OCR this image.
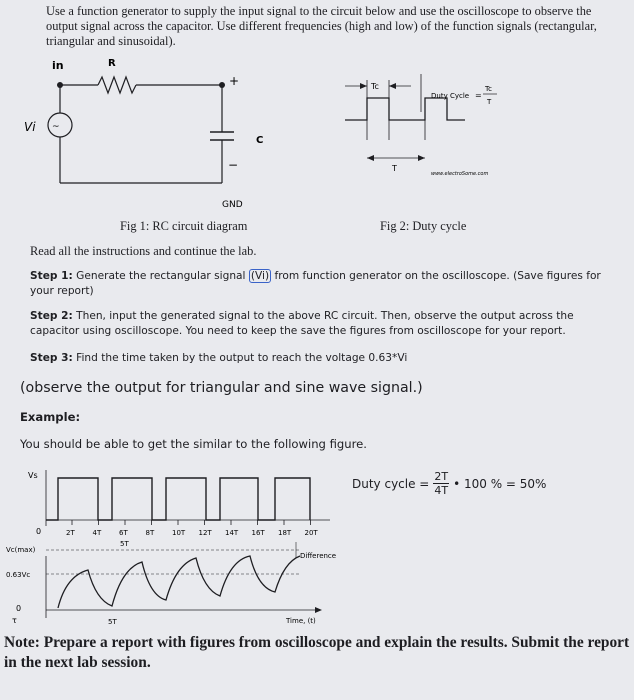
Use a function generator to supply the input signal to the circuit below and use the oscilloscope to observe the output signal across the capacitor. Use different frequencies (high and low) of the function signals (rectangular, triangular and sinusoidal).
in	R
+
−
C
~
Vi
GND
Fig 1: RC circuit diagram
Tc
T
Duty Cycle =
Tc
T
www.electroSome.com
Fig 2: Duty cycle
Read all the instructions and continue the lab.
Step 1: Generate the rectangular signal (Vi) from function generator on the oscilloscope. (Save figures for your report)
Step 2: Then, input the generated signal to the above RC circuit. Then, observe the output across the capacitor using oscilloscope. You need to keep the save the figures from oscilloscope for your report.
Step 3: Find the time taken by the output to reach the voltage 0.63*Vi
(observe the output for triangular and sine wave signal.)
Example:
You should be able to get the similar to the following figure.
Vs
0	2T	4T	6T	8T	10T 12T 14T 16T 18T 20T
5T
Vc(max)
Difference
0.63Vc
0
τ	5T	Time, (t)
Duty cycle = $\frac{2T}{4T}$ • 100 % = 50%
Note: Prepare a report with figures from oscilloscope and explain the results. Submit the report in the next lab session.
